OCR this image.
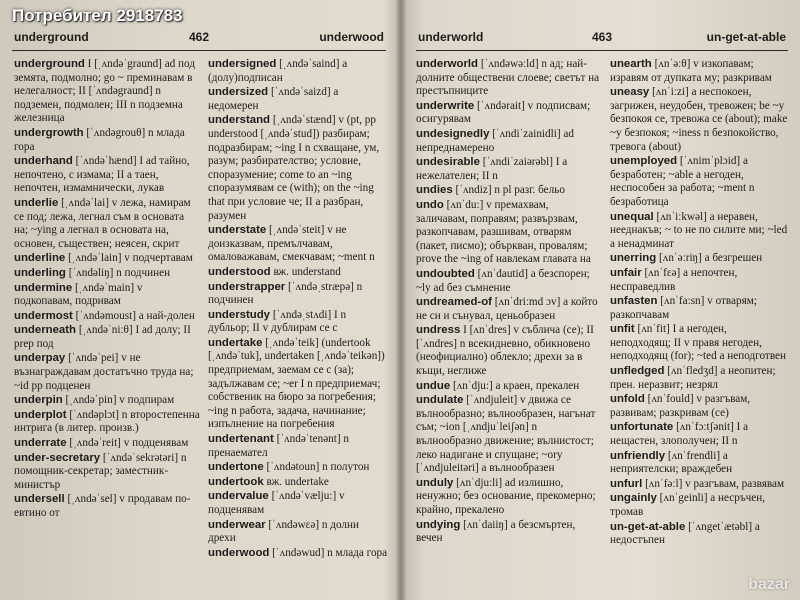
underground	462	underwood

underground I [ˌʌndəˈgraund] ad под земята, подмолно; go ~ преминавам в нелегалност; II [ˈʌndəgraund] n подземен, подмолен; III n подземна железница

undergrowth [ˈʌndəgrouθ] n млада гора

underhand [ˈʌndəˈhænd] I ad тайно, непочтено, с измама; II a таен, непочтен, измамнически, лукав

underlie [ˌʌndəˈlai] v лежа, намирам се под; лежа, легнал съм в основата на; ~ying a легнал в основата на, основен, съществен; неясен, скрит

underline [ˌʌndəˈlain] v подчертавам

underling [ˈʌndəliŋ] n подчинен

undermine [ˌʌndəˈmain] v подкопавам, подривам

undermost [ˈʌndəmoust] a най-долен

underneath [ˌʌndəˈniːθ] I ad долу; II prep под

underpay [ˈʌndəˈpei] v не възнаграждавам достатъчно труда на; ~id pp подценен

underpin [ˌʌndəˈpin] v подпирам

underplot [ˈʌndəplɔt] n второстепенна интрига (в литер. произв.)

underrate [ˌʌndəˈreit] v подценявам

under-secretary [ˈʌndəˈsekrətəri] n помощник-секретар; заместник-министър

undersell [ˌʌndəˈsel] v продавам по-евтино от

undersigned [ˌʌndəˈsaind] a (долу)подписан

undersized [ˈʌndəˈsaizd] a недомерен

understand [ˌʌndəˈstænd] v (pt, pp understood [ˌʌndəˈstud]) разбирам; подразбирам; ~ing I n схващане, ум, разум; разбирателство; условие, споразумение; come to an ~ing споразумявам се (with); on the ~ing that при условие че; II a разбран, разумен

understate [ˌʌndəˈsteit] v не доизказвам, премълчавам, омаловажавам, смекчавам; ~ment n

understood вж. understand

understrapper [ˈʌndəˌstræpə] n подчинен

understudy [ˈʌndəˌstʌdi] I n дубльор; II v дублирам се с

undertake [ˌʌndəˈteik] (undertook [ˌʌndəˈtuk], undertaken [ˌʌndəˈteikən]) предприемам, заемам се с (за); задължавам се; ~er I n предприемач; собственик на бюро за погребения; ~ing n работа, задача, начинание; изпълнение на погребения

undertenant [ˈʌndəˈtenənt] n пренаемател

undertone [ˈʌndətoun] n полутон

undertook вж. undertake

undervalue [ˈʌndəˈvælju:] v подценявам

underwear [ˈʌndəwɛə] n долни дрехи

underwood [ˈʌndəwud] n млада гора

underworld	463	un-get-at-able

underworld [ˈʌndəwəːld] n ад; най-долните обществени слоеве; светът на престъпниците

underwrite [ˈʌndərait] v подписвам; осигурявам

undesignedly [ˈʌndiˈzainidli] ad непреднамерено

undesirable [ˈʌndiˈzaiərəbl] I a нежелателен; II n

undies [ˈʌndiz] n pl разг. бельо

undo [ʌnˈdu:] v премахвам, заличавам, поправям; развързвам, разкопчавам, разшивам, отварям (пакет, писмо); объркван, провалям; prove the ~ing of навлекам главата на

undoubted [ʌnˈdautid] a безспорен; ~ly ad без съмнение

undreamed-of [ʌnˈdriːmd ɔv] a който не си и сънувал, ценьобразен

undress I [ʌnˈdres] v съблича (се); II [ˈʌndres] n всекидневно, обикновено (неофициално) облекло; дрехи за в къщи, неглиже

undue [ʌnˈdju:] a краен, прекален

undulate [ˈʌndjuleit] v движа се вълнообразно; вълнообразен, нагънат съм; ~ion [ˌʌndjuˈleiʃən] n вълнообразно движение; вълнистост; леко надигане и спущане; ~ory [ˈʌndjuleitəri] a вълнообразен

unduly [ʌnˈdju:li] ad излишно, ненужно; без основание, прекомерно; крайно, прекалено

undying [ʌnˈdaiiŋ] a безсмъртен, вечен

unearth [ʌnˈəːθ] v изкопавам; изравям от дупката му; разкривам

uneasy [ʌnˈiːzi] a неспокоен, загрижен, неудобен, тревожен; be ~y безпокоя се, тревожа се (about); make ~y безпокоя; ~iness n безпокойство, тревога (about)

unemployed [ˈʌnimˈplɔid] a безработен; ~able a негоден, неспособен за работа; ~ment n безработица

unequal [ʌnˈiːkwəl] a неравен, нееднакъв; ~ to не по силите ми; ~led a ненадминат

unerring [ʌnˈəːriŋ] a безгрешен

unfair [ʌnˈfɛə] a непочтен, несправедлив

unfasten [ʌnˈfa:sn] v отварям; разкопчавам

unfit [ʌnˈfit] I a негоден, неподходящ; II v правя негоден, неподходящ (for); ~ted a неподготвен

unfledged [ʌnˈfledʒd] a неопитен; прен. неразвит; незрял

unfold [ʌnˈfould] v разгъвам, развивам; разкривам (се)

unfortunate [ʌnˈfɔːtʃənit] I a нещастен, злополучен; II n

unfriendly [ʌnˈfrendli] a неприятелски; враждебен

unfurl [ʌnˈfəːl] v разгъвам, развявам

ungainly [ʌnˈgeinli] a несръчен, тромав

un-get-at-able [ˈʌngetˈætəbl] a недостъпен

Потребител 2918783
bazar
